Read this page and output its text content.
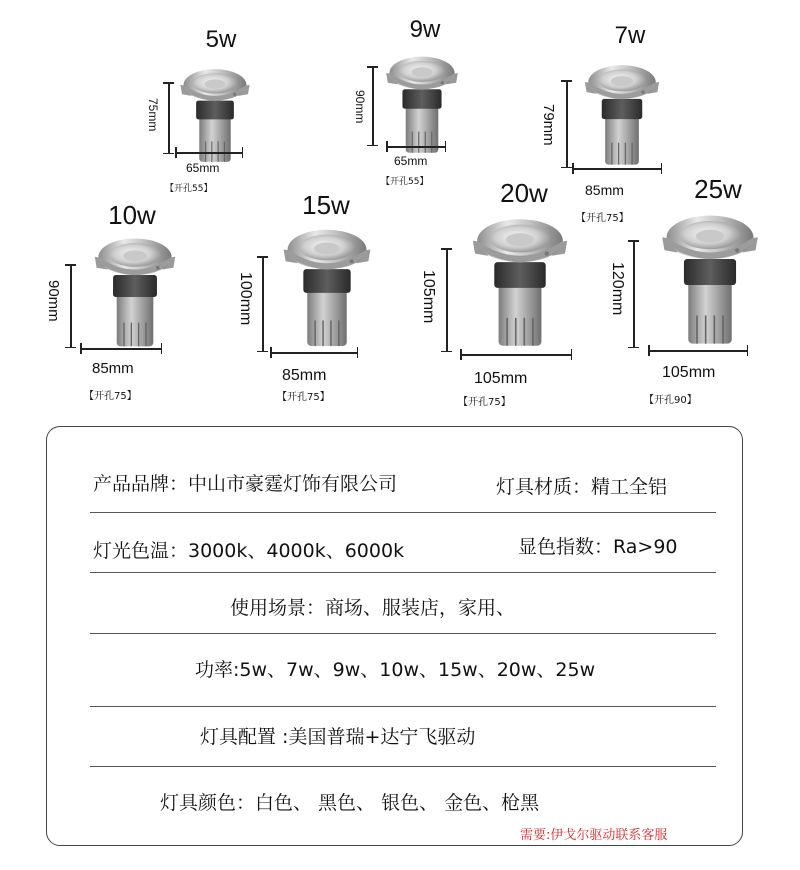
5w
75mm
65mm
【开孔55】
9w
90mm
65mm
【开孔55】
7w
79mm
85mm
【开孔75】
10w
90mm
85mm
【开孔75】
15w
100mm
85mm
【开孔75】
20w
105mm
105mm
【开孔75】
25w
120mm
105mm
【开孔90】
产品品牌：中山市豪霆灯饰有限公司	灯具材质：精工全铝
灯光色温：3000k、4000k、6000k	显色指数：Ra>90
使用场景：商场、服装店，家用、
功率:5w、7w、9w、10w、15w、20w、25w
灯具配置 :美国普瑞+达宁飞驱动
灯具颜色：白色、 黑色、 银色、 金色、枪黑
需要:伊戈尔驱动联系客服
